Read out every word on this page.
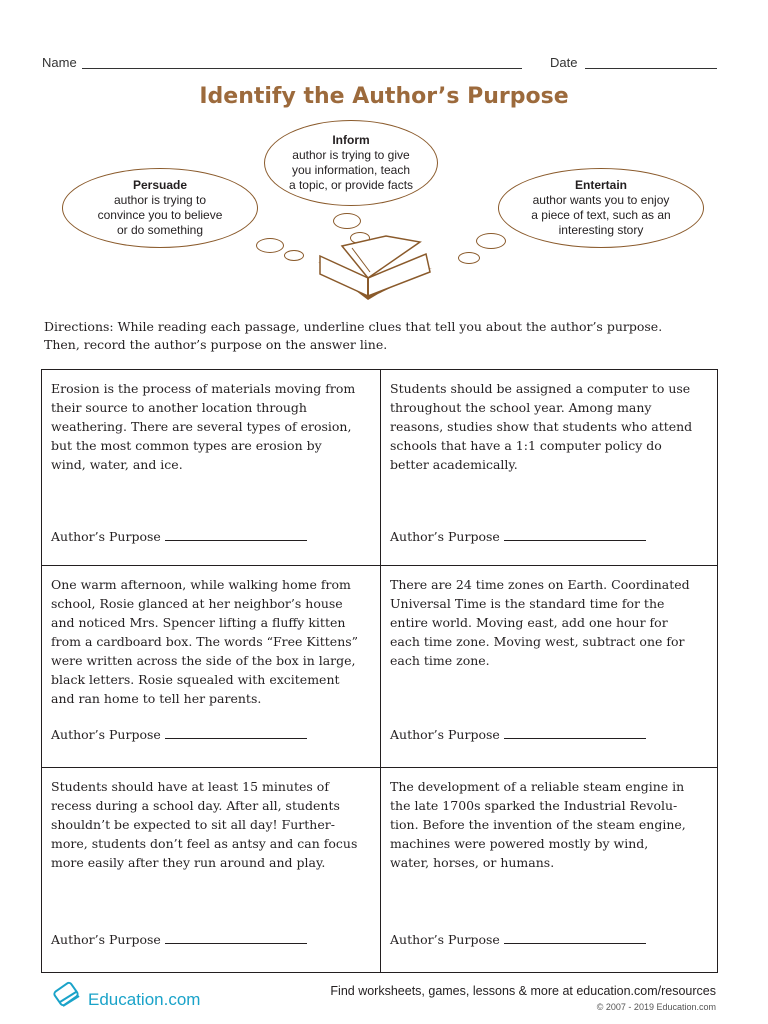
Name	Date
Identify the Author’s Purpose
Inform
author is trying to give
you information, teach
a topic, or provide facts
Persuade
author is trying to
convince you to believe
or do something
Entertain
author wants you to enjoy
a piece of text, such as an
interesting story
Directions: While reading each passage, underline clues that tell you about the author’s purpose.
Then, record the author’s purpose on the answer line.
Erosion is the process of materials moving from
their source to another location through
weathering. There are several types of erosion,
but the most common types are erosion by
wind, water, and ice.
Author’s Purpose
Students should be assigned a computer to use
throughout the school year. Among many
reasons, studies show that students who attend
schools that have a 1:1 computer policy do
better academically.
Author’s Purpose
One warm afternoon, while walking home from
school, Rosie glanced at her neighbor’s house
and noticed Mrs. Spencer lifting a fluffy kitten
from a cardboard box. The words “Free Kittens”
were written across the side of the box in large,
black letters. Rosie squealed with excitement
and ran home to tell her parents.
Author’s Purpose
There are 24 time zones on Earth. Coordinated
Universal Time is the standard time for the
entire world. Moving east, add one hour for
each time zone. Moving west, subtract one for
each time zone.
Author’s Purpose
Students should have at least 15 minutes of
recess during a school day. After all, students
shouldn’t be expected to sit all day! Further-
more, students don’t feel as antsy and can focus
more easily after they run around and play.
Author’s Purpose
The development of a reliable steam engine in
the late 1700s sparked the Industrial Revolu-
tion. Before the invention of the steam engine,
machines were powered mostly by wind,
water, horses, or humans.
Author’s Purpose
Education.com	Find worksheets, games, lessons & more at education.com/resources
© 2007 - 2019 Education.com
